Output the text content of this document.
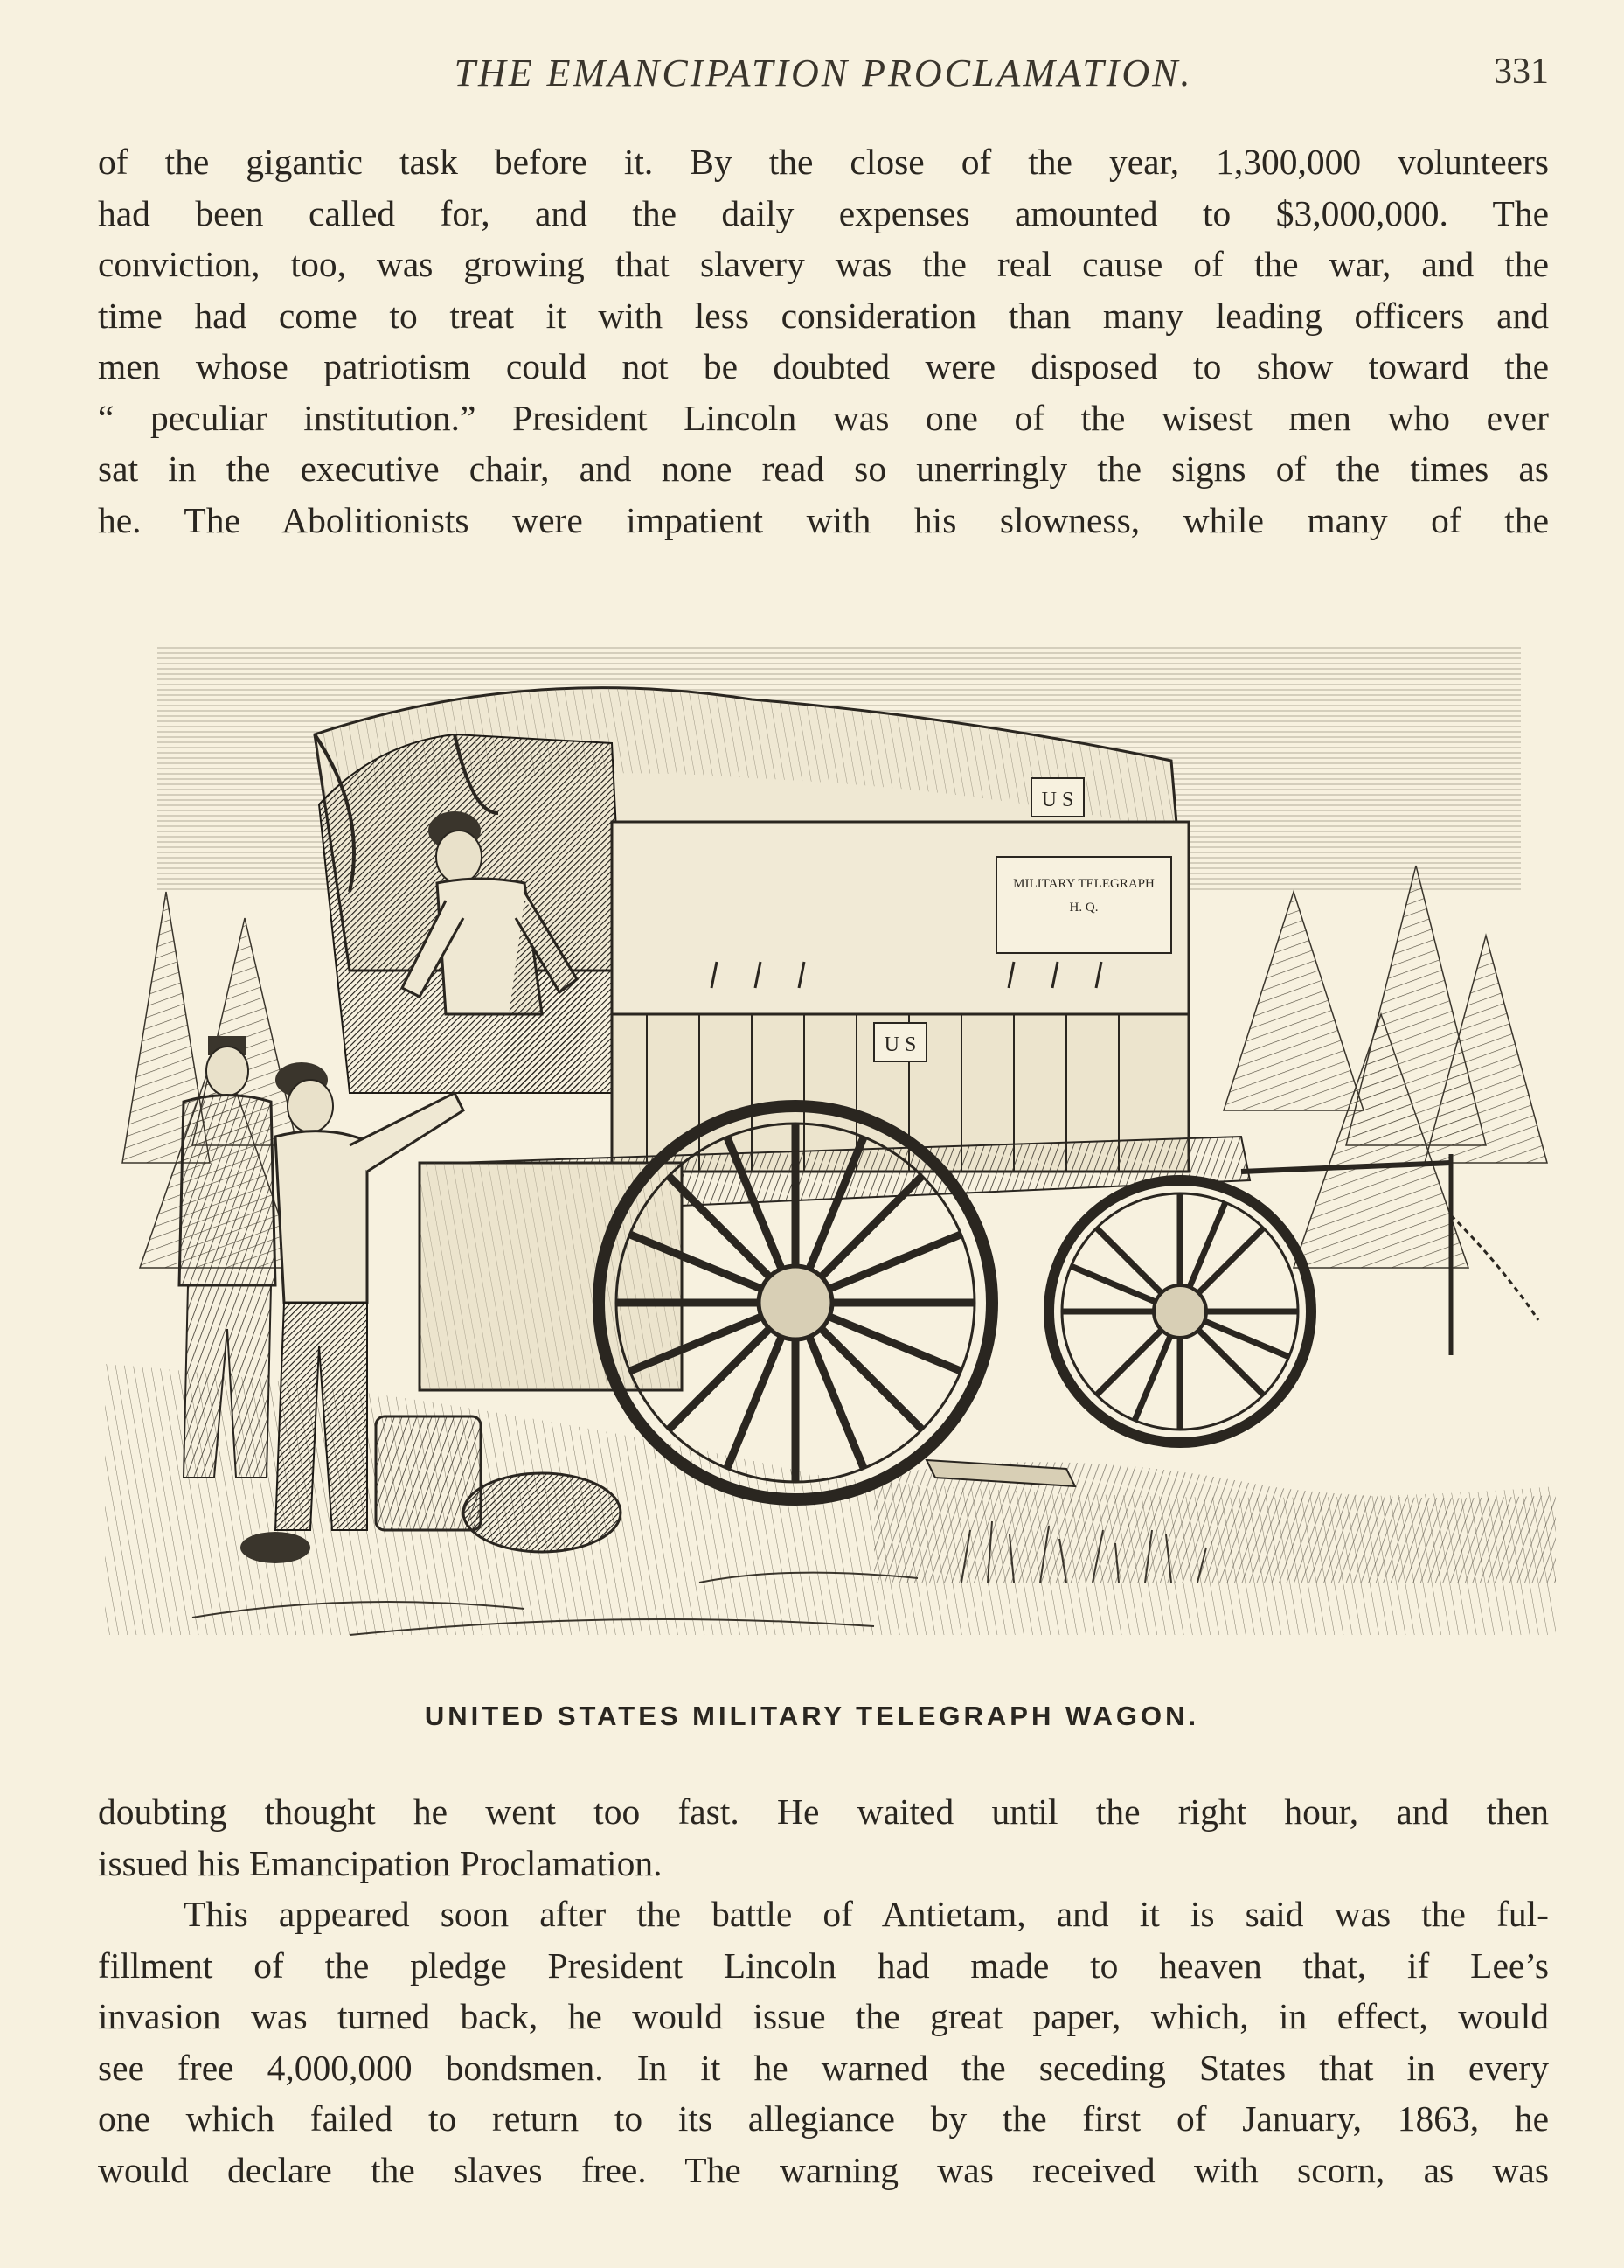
THE EMANCIPATION PROCLAMATION.	331
of the gigantic task before it. By the close of the year, 1,300,000 volunteers
had been called for, and the daily expenses amounted to $3,000,000. The
conviction, too, was growing that slavery was the real cause of the war, and the
time had come to treat it with less consideration than many leading officers and
men whose patriotism could not be doubted were disposed to show toward the
“ peculiar institution.” President Lincoln was one of the wisest men who ever
sat in the executive chair, and none read so unerringly the signs of the times as
he. The Abolitionists were impatient with his slowness, while many of the
U S
MILITARY TELEGRAPH
H. Q.
U S
UNITED STATES MILITARY TELEGRAPH WAGON.
doubting thought he went too fast. He waited until the right hour, and then
issued his Emancipation Proclamation.
This appeared soon after the battle of Antietam, and it is said was the ful-
fillment of the pledge President Lincoln had made to heaven that, if Lee’s
invasion was turned back, he would issue the great paper, which, in effect, would
see free 4,000,000 bondsmen. In it he warned the seceding States that in every
one which failed to return to its allegiance by the first of January, 1863, he
would declare the slaves free. The warning was received with scorn, as was
